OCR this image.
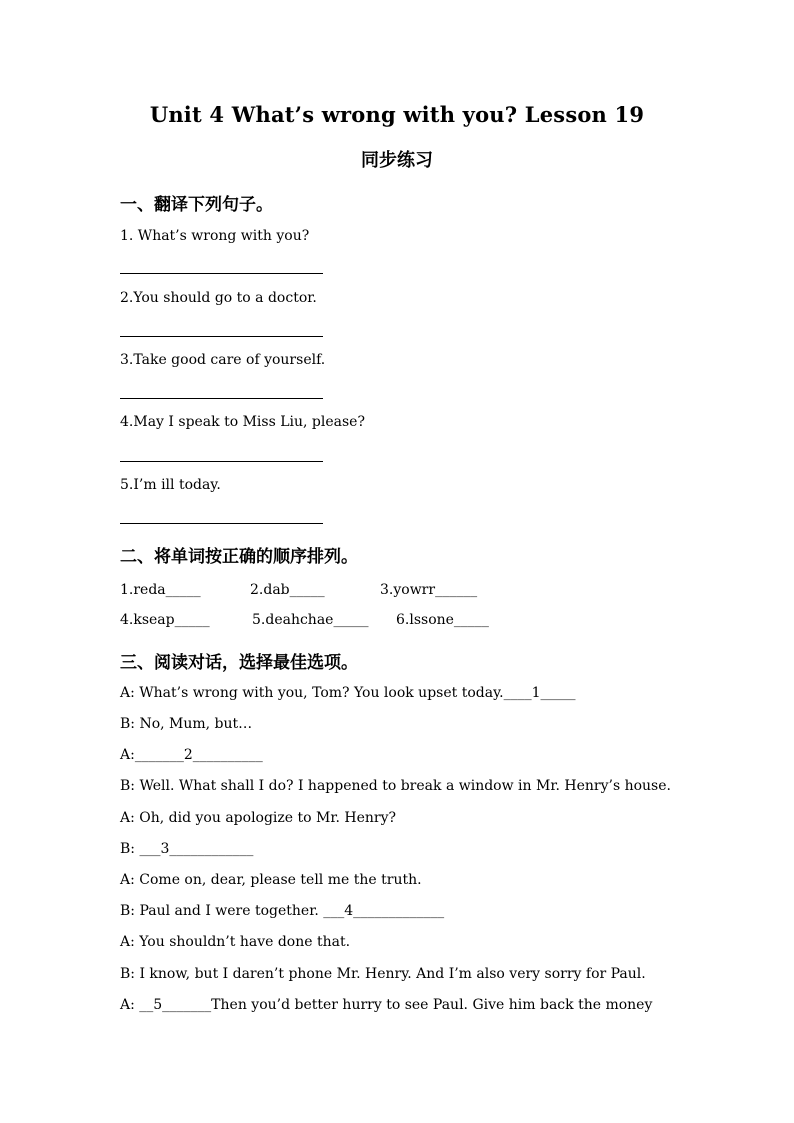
Unit 4 What’s wrong with you? Lesson 19
同步练习
一、翻译下列句子。
1. What’s wrong with you?
2.You should go to a doctor.
3.Take good care of yourself.
4.May I speak to Miss Liu, please?
5.I’m ill today.
二、将单词按正确的顺序排列。
1.reda_____	2.dab_____	3.yowrr______
4.kseap_____	5.deahchae_____ 6.lssone_____
三、阅读对话，选择最佳选项。
A: What’s wrong with you, Tom? You look upset today.____1_____
B: No, Mum, but…
A:_______2__________
B: Well. What shall I do? I happened to break a window in Mr. Henry’s house.
A: Oh, did you apologize to Mr. Henry?
B: ___3____________
A: Come on, dear, please tell me the truth.
B: Paul and I were together. ___4_____________
A: You shouldn’t have done that.
B: I know, but I daren’t phone Mr. Henry. And I’m also very sorry for Paul.
A: __5_______Then you’d better hurry to see Paul. Give him back the money
